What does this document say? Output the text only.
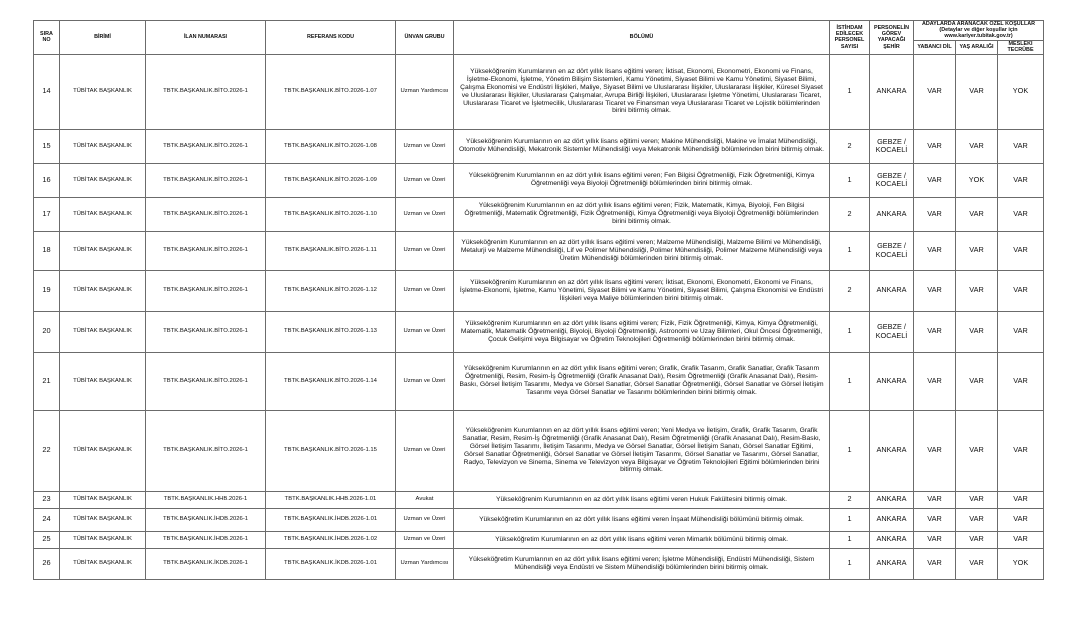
SIRA NO	BİRİMİ	İLAN NUMARASI	REFERANS KODU	ÜNVAN GRUBU	BÖLÜMÜ	İSTİHDAM EDİLECEK PERSONEL SAYISI	PERSONELİN GÖREV YAPACAĞI ŞEHİR	ADAYLARDA ARANACAK ÖZEL KOŞULLAR
(Detaylar ve diğer koşullar için
www.kariyer.tubitak.gov.tr)		

								YABANCI DİL	YAŞ ARALIĞI	MESLEKİ TECRÜBE
14	TÜBİTAK BAŞKANLIK	TBTK.BAŞKANLIK.BİTO.2026-1	TBTK.BAŞKANLIK.BİTO.2026-1.07	Uzman Yardımcısı	Yükseköğrenim Kurumlarının en az dört yıllık lisans eğitimi veren; İktisat, Ekonomi, Ekonometri, Ekonomi ve Finans, İşletme-Ekonomi, İşletme, Yönetim Bilişim Sistemleri, Kamu Yönetimi, Siyaset Bilimi ve Kamu Yönetimi, Siyaset Bilimi, Çalışma Ekonomisi ve Endüstri İlişkileri, Maliye, Siyaset Bilimi ve Uluslararası İlişkiler, Uluslararası İlişkiler, Küresel Siyaset ve Uluslararası İlişkiler, Uluslararası Çalışmalar, Avrupa Birliği İlişkileri, Uluslararası İşletme Yönetimi, Uluslararası Ticaret, Uluslararası Ticaret ve İşletmecilik, Uluslararası Ticaret ve Finansman veya Uluslararası Ticaret ve Lojistik bölümlerinden birini bitirmiş olmak.	1	ANKARA	VAR	VAR	YOK
15	TÜBİTAK BAŞKANLIK	TBTK.BAŞKANLIK.BİTO.2026-1	TBTK.BAŞKANLIK.BİTO.2026-1.08	Uzman ve Üzeri	Yükseköğrenim Kurumlarının en az dört yıllık lisans eğitimi veren; Makine Mühendisliği, Makine ve İmalat Mühendisliği, Otomotiv Mühendisliği, Mekatronik Sistemler Mühendisliği veya Mekatronik Mühendisliği bölümlerinden birini bitirmiş olmak.	2	GEBZE / KOCAELİ	VAR	VAR	VAR
16	TÜBİTAK BAŞKANLIK	TBTK.BAŞKANLIK.BİTO.2026-1	TBTK.BAŞKANLIK.BİTO.2026-1.09	Uzman ve Üzeri	Yükseköğrenim Kurumlarının en az dört yıllık lisans eğitimi veren; Fen Bilgisi Öğretmenliği, Fizik Öğretmenliği, Kimya Öğretmenliği veya Biyoloji Öğretmenliği bölümlerinden birini bitirmiş olmak.	1	GEBZE / KOCAELİ	VAR	YOK	VAR
17	TÜBİTAK BAŞKANLIK	TBTK.BAŞKANLIK.BİTO.2026-1	TBTK.BAŞKANLIK.BİTO.2026-1.10	Uzman ve Üzeri	Yükseköğrenim Kurumlarının en az dört yıllık lisans eğitimi veren; Fizik, Matematik, Kimya, Biyoloji, Fen Bilgisi Öğretmenliği, Matematik Öğretmenliği, Fizik Öğretmenliği, Kimya Öğretmenliği veya Biyoloji Öğretmenliği bölümlerinden birini bitirmiş olmak.	2	ANKARA	VAR	VAR	VAR
18	TÜBİTAK BAŞKANLIK	TBTK.BAŞKANLIK.BİTO.2026-1	TBTK.BAŞKANLIK.BİTO.2026-1.11	Uzman ve Üzeri	Yükseköğrenim Kurumlarının en az dört yıllık lisans eğitimi veren; Malzeme Mühendisliği, Malzeme Bilimi ve Mühendisliği, Metalurji ve Malzeme Mühendisliği, Lif ve Polimer Mühendisliği, Polimer Mühendisliği, Polimer Malzeme Mühendisliği veya Üretim Mühendisliği bölümlerinden birini bitirmiş olmak.	1	GEBZE / KOCAELİ	VAR	VAR	VAR
19	TÜBİTAK BAŞKANLIK	TBTK.BAŞKANLIK.BİTO.2026-1	TBTK.BAŞKANLIK.BİTO.2026-1.12	Uzman ve Üzeri	Yükseköğrenim Kurumlarının en az dört yıllık lisans eğitimi veren; İktisat, Ekonomi, Ekonometri, Ekonomi ve Finans, İşletme-Ekonomi, İşletme, Kamu Yönetimi, Siyaset Bilimi ve Kamu Yönetimi, Siyaset Bilimi, Çalışma Ekonomisi ve Endüstri İlişkileri veya Maliye bölümlerinden birini bitirmiş olmak.	2	ANKARA	VAR	VAR	VAR
20	TÜBİTAK BAŞKANLIK	TBTK.BAŞKANLIK.BİTO.2026-1	TBTK.BAŞKANLIK.BİTO.2026-1.13	Uzman ve Üzeri	Yükseköğrenim Kurumlarının en az dört yıllık lisans eğitimi veren; Fizik, Fizik Öğretmenliği, Kimya, Kimya Öğretmenliği, Matematik, Matematik Öğretmenliği, Biyoloji, Biyoloji Öğretmenliği, Astronomi ve Uzay Bilimleri, Okul Öncesi Öğretmenliği, Çocuk Gelişimi veya Bilgisayar ve Öğretim Teknolojileri Öğretmenliği bölümlerinden birini bitirmiş olmak.	1	GEBZE / KOCAELİ	VAR	VAR	VAR
21	TÜBİTAK BAŞKANLIK	TBTK.BAŞKANLIK.BİTO.2026-1	TBTK.BAŞKANLIK.BİTO.2026-1.14	Uzman ve Üzeri	Yükseköğrenim Kurumlarının en az dört yıllık lisans eğitimi veren; Grafik, Grafik Tasarım, Grafik Sanatlar, Grafik Tasarım Öğretmenliği, Resim, Resim-İş Öğretmenliği (Grafik Anasanat Dalı), Resim Öğretmenliği (Grafik Anasanat Dalı), Resim-Baskı, Görsel İletişim Tasarımı, Medya ve Görsel Sanatlar, Görsel Sanatlar Öğretmenliği, Görsel Sanatlar ve Görsel İletişim Tasarımı veya Görsel Sanatlar ve Tasarımı bölümlerinden birini bitirmiş olmak.	1	ANKARA	VAR	VAR	VAR
22	TÜBİTAK BAŞKANLIK	TBTK.BAŞKANLIK.BİTO.2026-1	TBTK.BAŞKANLIK.BİTO.2026-1.15	Uzman ve Üzeri	Yükseköğrenim Kurumlarının en az dört yıllık lisans eğitimi veren; Yeni Medya ve İletişim, Grafik, Grafik Tasarım, Grafik Sanatlar, Resim, Resim-İş Öğretmenliği (Grafik Anasanat Dalı), Resim Öğretmenliği (Grafik Anasanat Dalı), Resim-Baskı, Görsel İletişim Tasarımı, İletişim Tasarımı, Medya ve Görsel Sanatlar, Görsel İletişim Sanatı, Görsel Sanatlar Eğitimi, Görsel Sanatlar Öğretmenliği, Görsel Sanatlar ve Görsel İletişim Tasarımı, Görsel Sanatlar ve Tasarımı, Görsel Sanatlar, Radyo, Televizyon ve Sinema, Sinema ve Televizyon veya Bilgisayar ve Öğretim Teknolojileri Eğitimi bölümlerinden birini bitirmiş olmak.	1	ANKARA	VAR	VAR	VAR
23	TÜBİTAK BAŞKANLIK	TBTK.BAŞKANLIK.HHB.2026-1	TBTK.BAŞKANLIK.HHB.2026-1.01	Avukat	Yükseköğrenim Kurumlarının en az dört yıllık lisans eğitimi veren Hukuk Fakültesini bitirmiş olmak.	2	ANKARA	VAR	VAR	VAR
24	TÜBİTAK BAŞKANLIK	TBTK.BAŞKANLIK.İHDB.2026-1	TBTK.BAŞKANLIK.İHDB.2026-1.01	Uzman ve Üzeri	Yükseköğretim Kurumlarının en az dört yıllık lisans eğitimi veren İnşaat Mühendisliği bölümünü bitirmiş olmak.	1	ANKARA	VAR	VAR	VAR
25	TÜBİTAK BAŞKANLIK	TBTK.BAŞKANLIK.İHDB.2026-1	TBTK.BAŞKANLIK.İHDB.2026-1.02	Uzman ve Üzeri	Yükseköğretim Kurumlarının en az dört yıllık lisans eğitimi veren Mimarlık bölümünü bitirmiş olmak.	1	ANKARA	VAR	VAR	VAR
26	TÜBİTAK BAŞKANLIK	TBTK.BAŞKANLIK.İKDB.2026-1	TBTK.BAŞKANLIK.İKDB.2026-1.01	Uzman Yardımcısı	Yükseköğretim Kurumlarının en az dört yıllık lisans eğitimi veren; İşletme Mühendisliği, Endüstri Mühendisliği, Sistem Mühendisliği veya Endüstri ve Sistem Mühendisliği bölümlerinden birini bitirmiş olmak.	1	ANKARA	VAR	VAR	YOK
